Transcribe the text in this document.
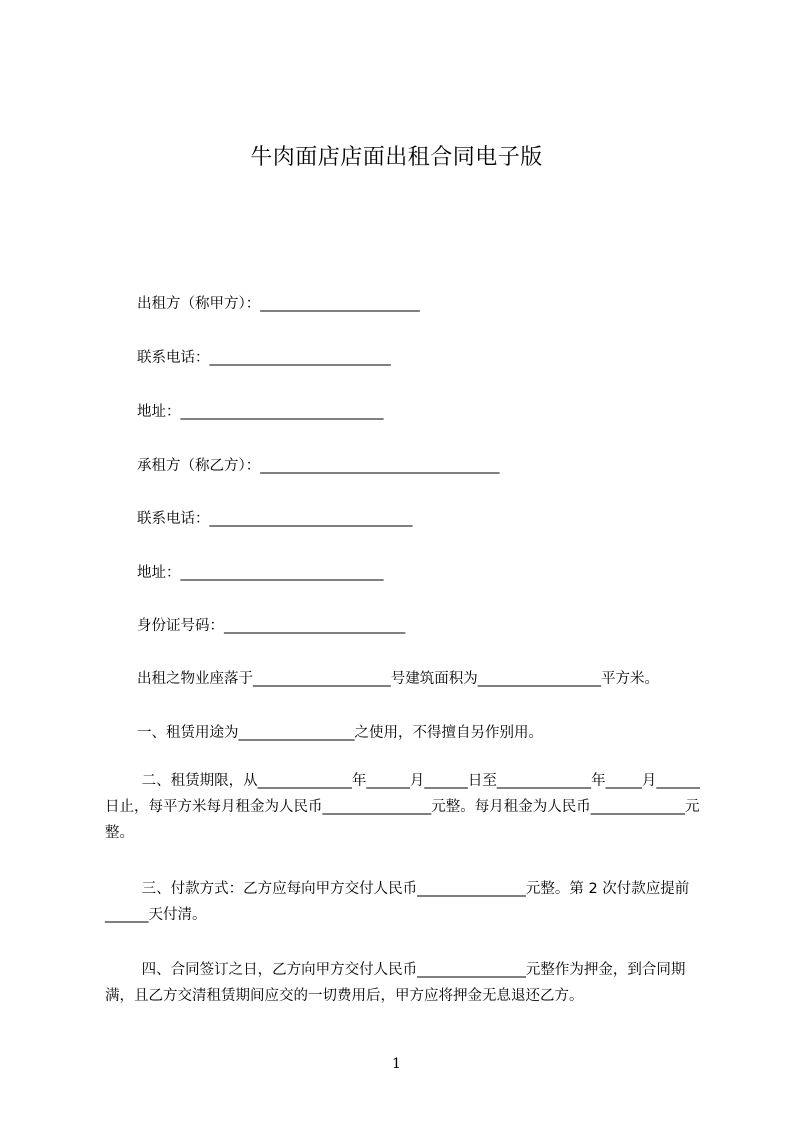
牛肉面店店面出租合同电子版
出租方（称甲方）：______________________
联系电话：_________________________
地址：____________________________
承租方（称乙方）：_________________________________
联系电话：____________________________
地址：____________________________
身份证号码：_________________________
出租之物业座落于___________________号建筑面积为_________________平方米。
一、租赁用途为________________之使用，不得擅自另作别用。
二、租赁期限，从_____________年______月______日至_____________年_____月______日止，每平方米每月租金为人民币_______________元整。每月租金为人民币_____________元整。
三、付款方式：乙方应每向甲方交付人民币_______________元整。第 2 次付款应提前______天付清。
四、合同签订之日，乙方向甲方交付人民币_______________元整作为押金，到合同期满，且乙方交清租赁期间应交的一切费用后，甲方应将押金无息退还乙方。
1
